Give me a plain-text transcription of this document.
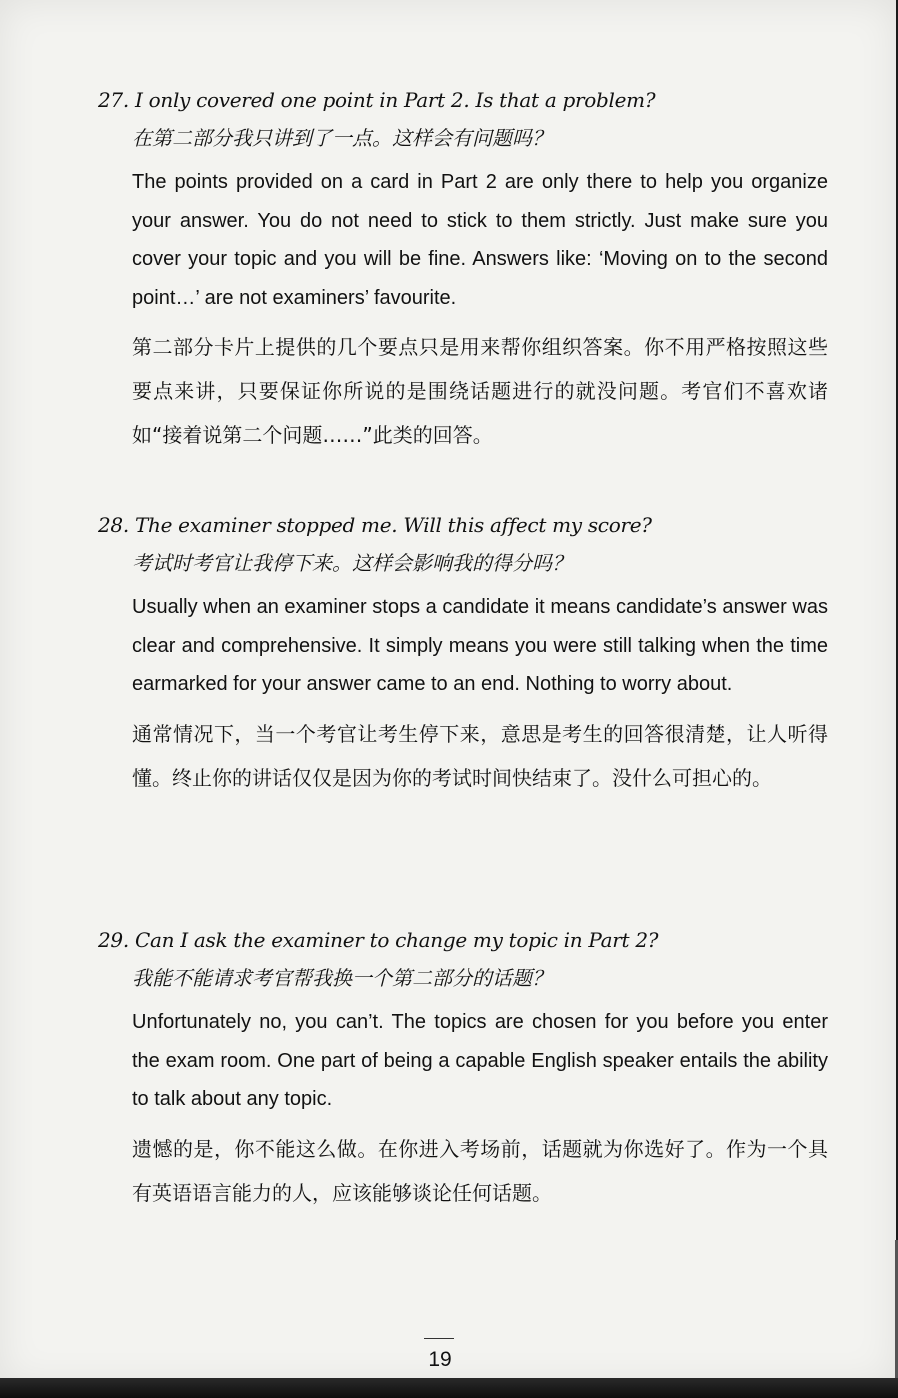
27. I only covered one point in Part 2. Is that a problem?

在第二部分我只讲到了一点。这样会有问题吗？

The points provided on a card in Part 2 are only there to help you organize your answer. You do not need to stick to them strictly. Just make sure you cover your topic and you will be fine. Answers like: ‘Moving on to the second point…’ are not examiners’ favourite.

第二部分卡片上提供的几个要点只是用来帮你组织答案。你不用严格按照这些要点来讲，只要保证你所说的是围绕话题进行的就没问题。考官们不喜欢诸如“接着说第二个问题……”此类的回答。

28. The examiner stopped me. Will this affect my score?

考试时考官让我停下来。这样会影响我的得分吗？

Usually when an examiner stops a candidate it means candidate’s answer was clear and comprehensive. It simply means you were still talking when the time earmarked for your answer came to an end. Nothing to worry about.

通常情况下，当一个考官让考生停下来，意思是考生的回答很清楚，让人听得懂。终止你的讲话仅仅是因为你的考试时间快结束了。没什么可担心的。

29. Can I ask the examiner to change my topic in Part 2?

我能不能请求考官帮我换一个第二部分的话题？

Unfortunately no, you can’t. The topics are chosen for you before you enter the exam room. One part of being a capable English speaker entails the ability to talk about any topic.

遗憾的是，你不能这么做。在你进入考场前，话题就为你选好了。作为一个具有英语语言能力的人，应该能够谈论任何话题。

19
